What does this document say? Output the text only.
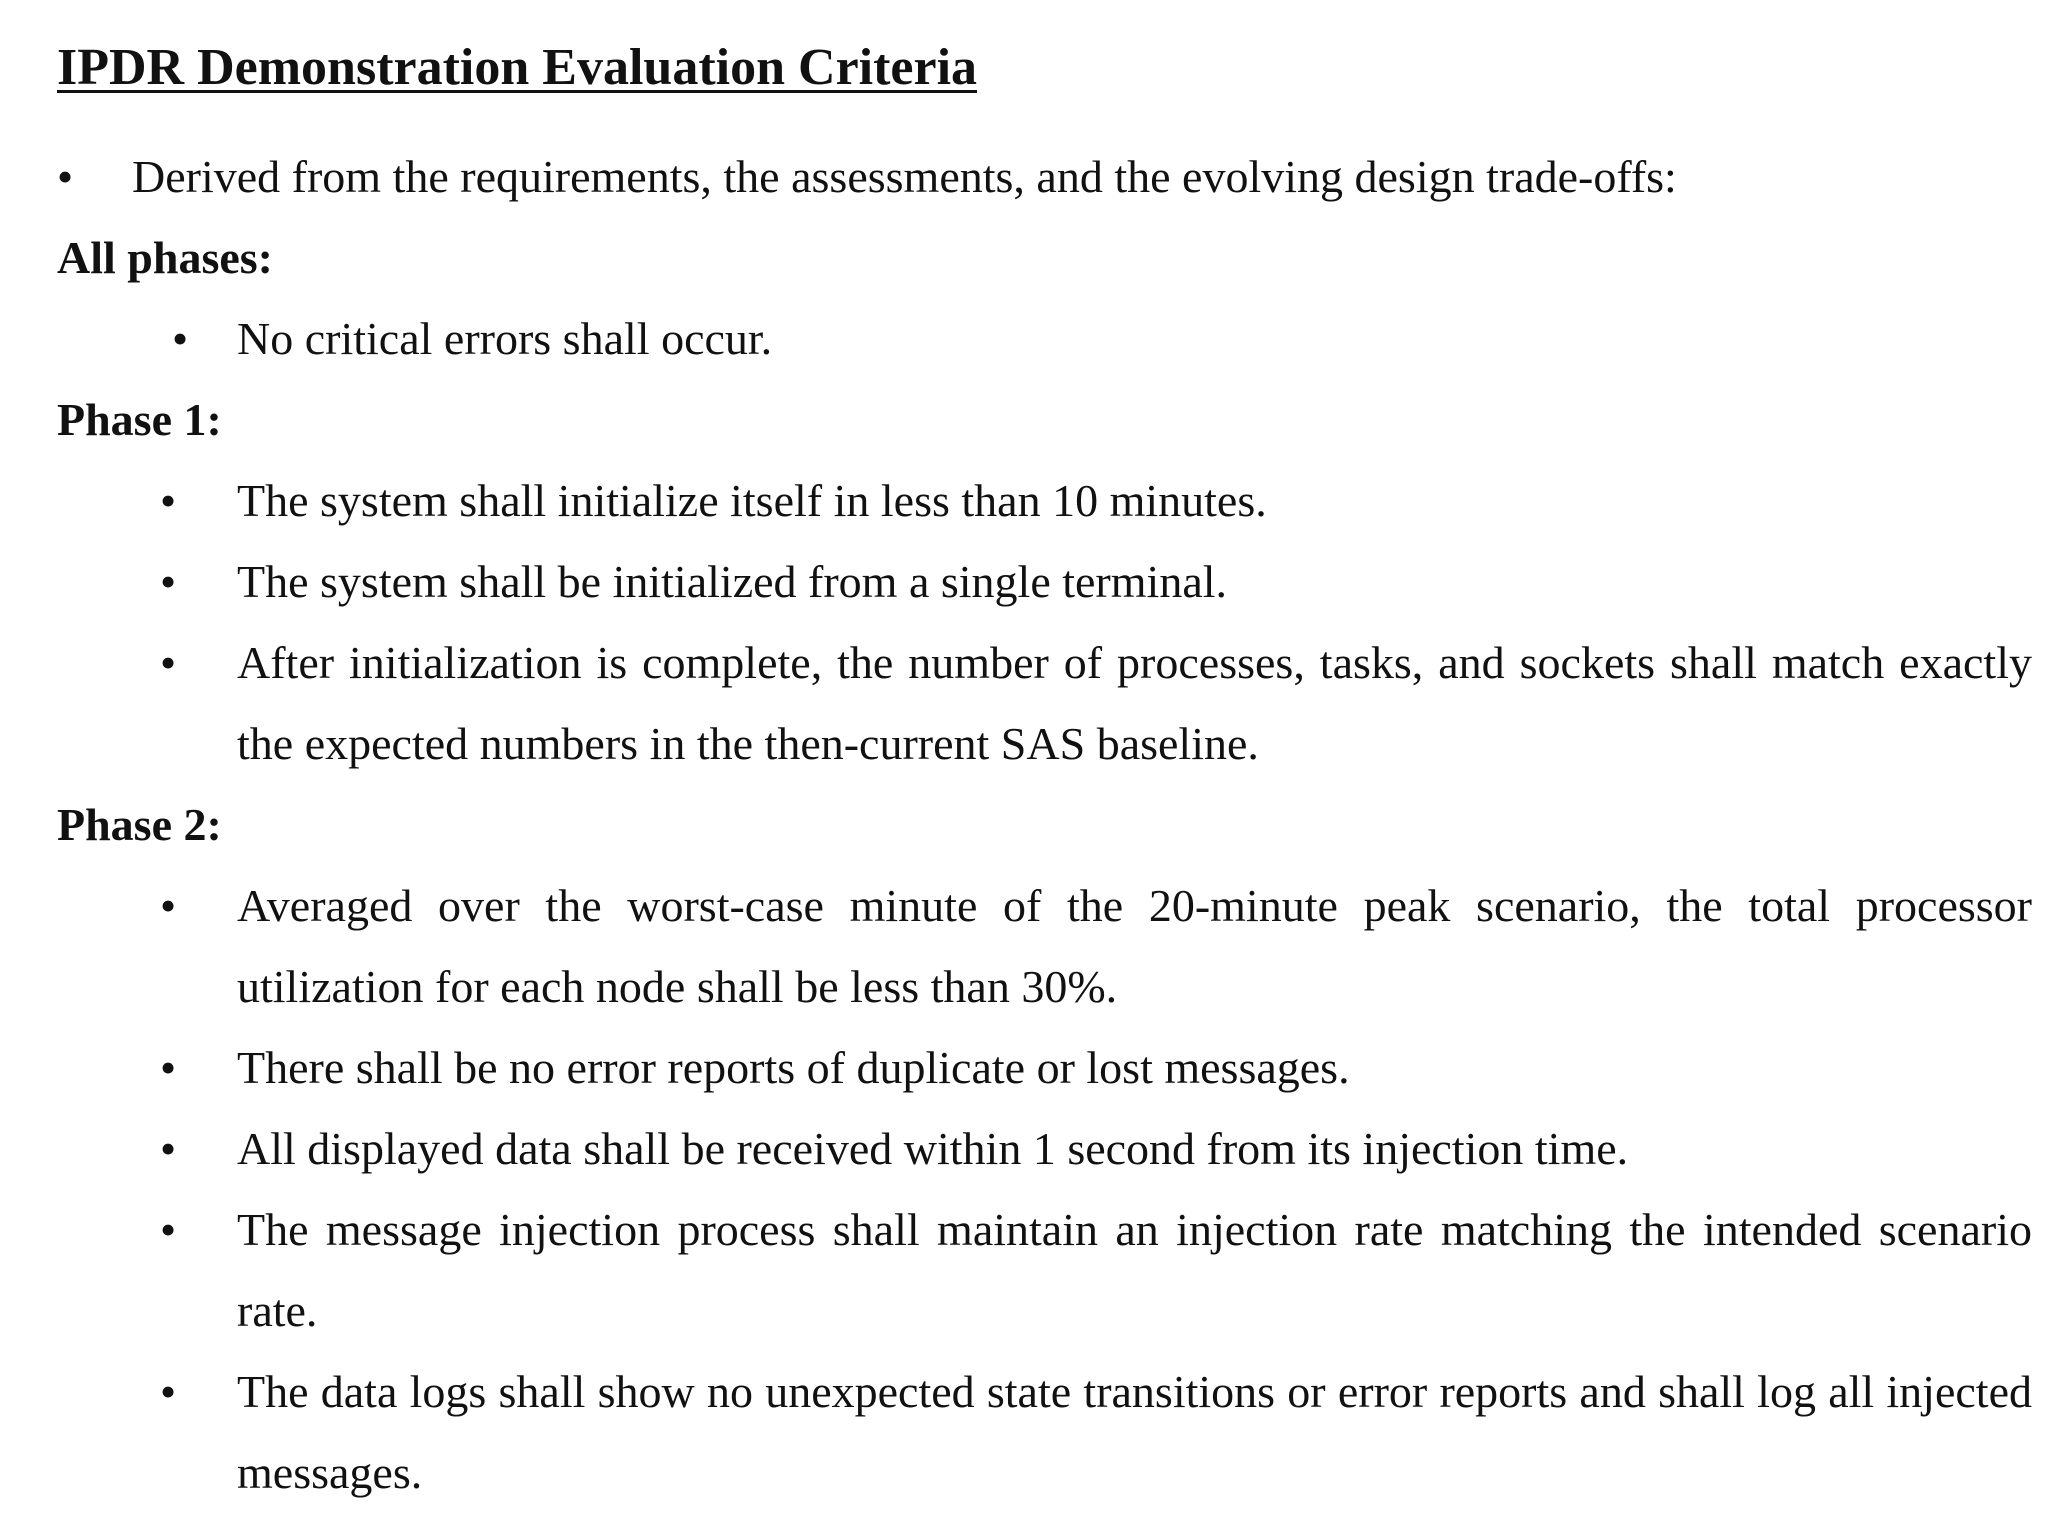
IPDR Demonstration Evaluation Criteria
• Derived from the requirements, the assessments, and the evolving design trade-offs:
All phases:
• No critical errors shall occur.
Phase 1:
• The system shall initialize itself in less than 10 minutes.
• The system shall be initialized from a single terminal.
• After initialization is complete, the number of processes, tasks, and sockets shall match exactly the expected numbers in the then-current SAS baseline.
Phase 2:
• Averaged over the worst-case minute of the 20-minute peak scenario, the total processor utilization for each node shall be less than 30%.
• There shall be no error reports of duplicate or lost messages.
• All displayed data shall be received within 1 second from its injection time.
• The message injection process shall maintain an injection rate matching the intended scenario rate.
• The data logs shall show no unexpected state transitions or error reports and shall log all injected messages.
